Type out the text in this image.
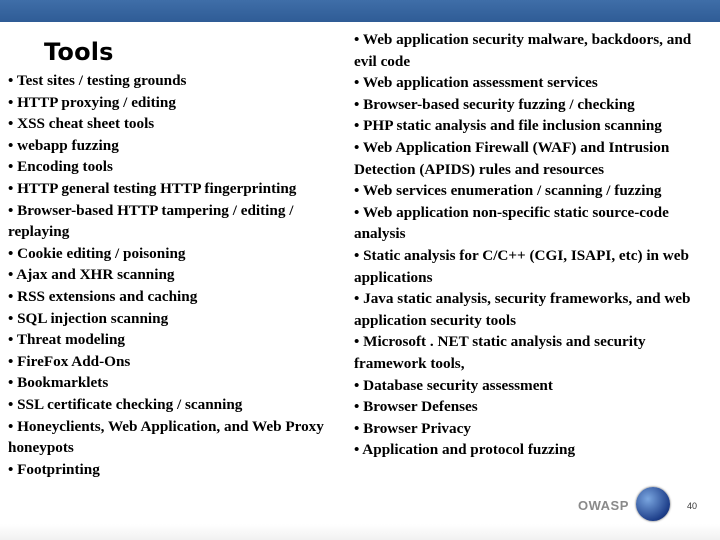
Tools
• Test sites / testing grounds
• HTTP proxying / editing
• XSS cheat sheet tools
• webapp fuzzing
• Encoding tools
• HTTP general testing HTTP fingerprinting
• Browser-based HTTP tampering / editing / replaying
• Cookie editing / poisoning
• Ajax and XHR scanning
• RSS extensions and caching
• SQL injection scanning
• Threat modeling
• FireFox Add-Ons
• Bookmarklets
• SSL certificate checking / scanning
• Honeyclients, Web Application, and Web Proxy honeypots
• Footprinting
• Web application security malware, backdoors, and evil code
• Web application assessment services
• Browser-based security fuzzing / checking
• PHP static analysis and file inclusion scanning
• Web Application Firewall (WAF) and Intrusion Detection (APIDS) rules and resources
• Web services enumeration / scanning / fuzzing
• Web application non-specific static source-code analysis
• Static analysis for C/C++ (CGI, ISAPI, etc) in web applications
• Java static analysis, security frameworks, and web application security tools
• Microsoft . NET static analysis and security framework tools,
• Database security assessment
• Browser Defenses
• Browser Privacy
• Application and protocol fuzzing
OWASP	40
